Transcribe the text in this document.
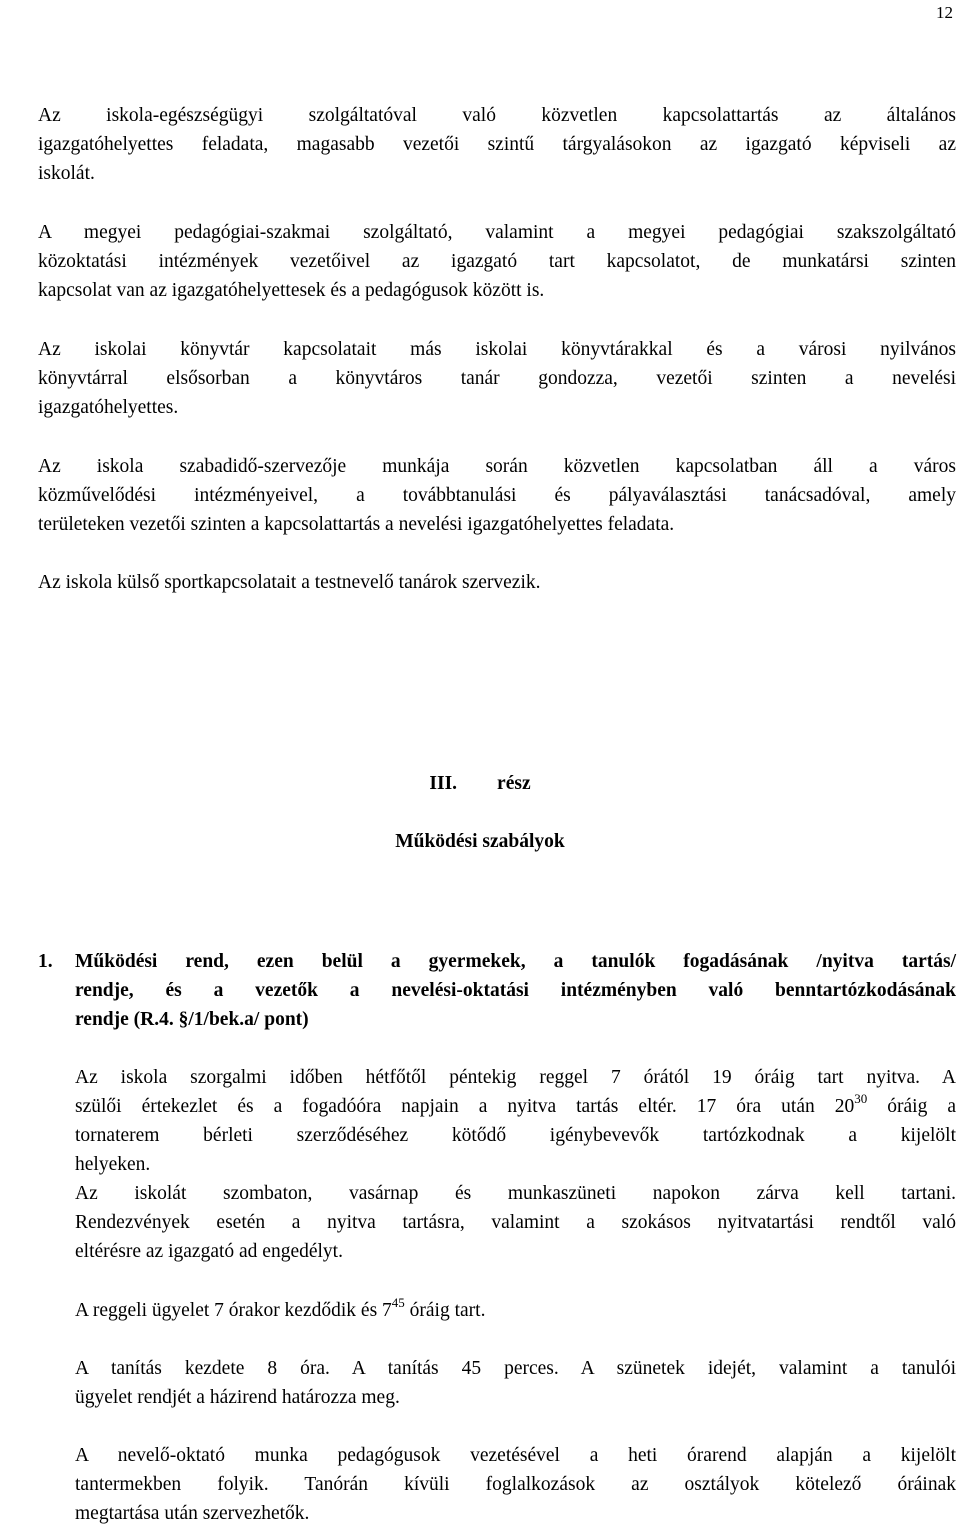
12
Az iskola-egészségügyi szolgáltatóval való közvetlen kapcsolattartás az általános
igazgatóhelyettes feladata, magasabb vezetői szintű tárgyalásokon az igazgató képviseli az
iskolát.
A megyei pedagógiai-szakmai szolgáltató, valamint a megyei pedagógiai szakszolgáltató
közoktatási intézmények vezetőivel az igazgató tart kapcsolatot, de munkatársi szinten
kapcsolat van az igazgatóhelyettesek és a pedagógusok között is.
Az iskolai könyvtár kapcsolatait más iskolai könyvtárakkal és a városi nyilvános
könyvtárral elsősorban a könyvtáros tanár gondozza, vezetői szinten a nevelési
igazgatóhelyettes.
Az iskola szabadidő-szervezője munkája során közvetlen kapcsolatban áll a város
közművelődési intézményeivel, a továbbtanulási és pályaválasztási tanácsadóval, amely
területeken vezetői szinten a kapcsolattartás a nevelési igazgatóhelyettes feladata.
Az iskola külső sportkapcsolatait a testnevelő tanárok szervezik.
III. rész
Működési szabályok
1. Működési rend, ezen belül a gyermekek, a tanulók fogadásának /nyitva tartás/
rendje, és a vezetők a nevelési-oktatási intézményben való benntartózkodásának
rendje (R.4. §/1/bek.a/ pont)
Az iskola szorgalmi időben hétfőtől péntekig reggel 7 órától 19 óráig tart nyitva. A
szülői értekezlet és a fogadóóra napjain a nyitva tartás eltér. 17 óra után $20^{30}$ óráig a
tornaterem bérleti szerződéséhez kötődő igénybevevők tartózkodnak a kijelölt
helyeken.
Az iskolát szombaton, vasárnap és munkaszüneti napokon zárva kell tartani.
Rendezvények esetén a nyitva tartásra, valamint a szokásos nyitvatartási rendtől való
eltérésre az igazgató ad engedélyt.
A reggeli ügyelet 7 órakor kezdődik és $7^{45}$ óráig tart.
A tanítás kezdete 8 óra. A tanítás 45 perces. A szünetek idejét, valamint a tanulói
ügyelet rendjét a házirend határozza meg.
A nevelő-oktató munka pedagógusok vezetésével a heti órarend alapján a kijelölt
tantermekben folyik. Tanórán kívüli foglalkozások az osztályok kötelező óráinak
megtartása után szervezhetők.
